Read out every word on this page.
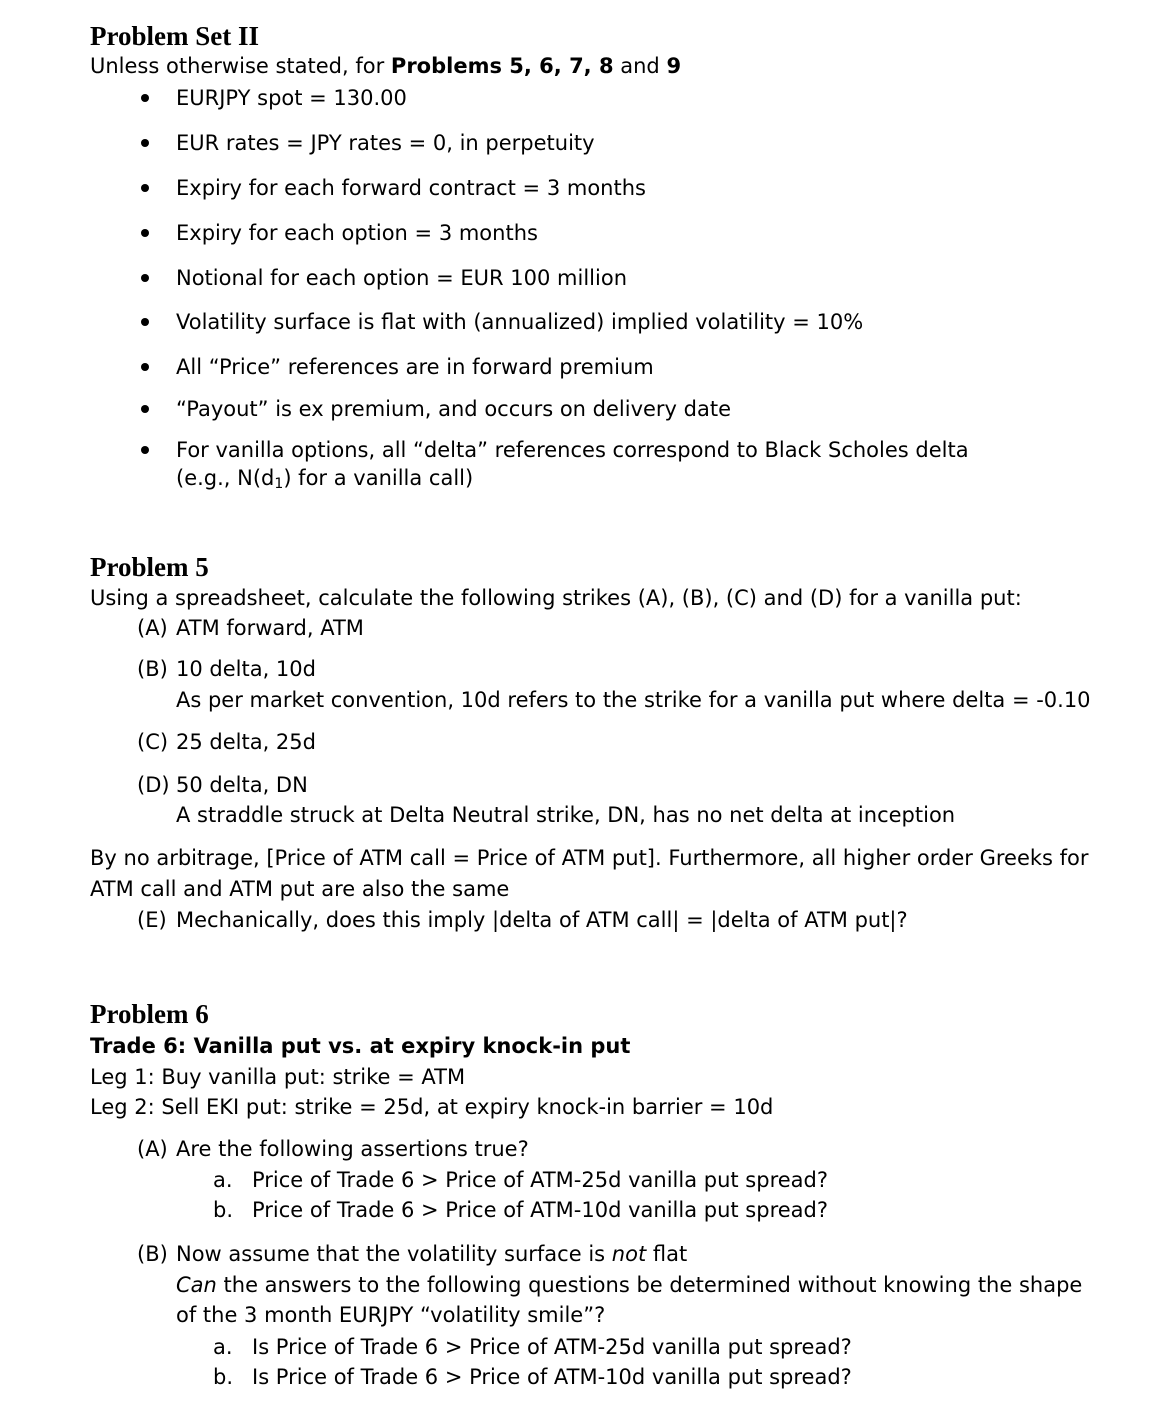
Problem Set II
Unless otherwise stated, for Problems 5, 6, 7, 8 and 9
EURJPY spot = 130.00
EUR rates = JPY rates = 0, in perpetuity
Expiry for each forward contract = 3 months
Expiry for each option = 3 months
Notional for each option = EUR 100 million
Volatility surface is flat with (annualized) implied volatility = 10%
All “Price” references are in forward premium
“Payout” is ex premium, and occurs on delivery date
For vanilla options, all “delta” references correspond to Black Scholes delta
(e.g., $N(d_1)$ for a vanilla call)
Problem 5
Using a spreadsheet, calculate the following strikes (A), (B), (C) and (D) for a vanilla put:
(A) ATM forward, ATM
(B) 10 delta, 10d
As per market convention, 10d refers to the strike for a vanilla put where delta = -0.10
(C) 25 delta, 25d
(D) 50 delta, DN
A straddle struck at Delta Neutral strike, DN, has no net delta at inception
By no arbitrage, [Price of ATM call = Price of ATM put]. Furthermore, all higher order Greeks for
ATM call and ATM put are also the same
(E) Mechanically, does this imply |delta of ATM call| = |delta of ATM put|?
Problem 6
Trade 6: Vanilla put vs. at expiry knock-in put
Leg 1: Buy vanilla put: strike = ATM
Leg 2: Sell EKI put: strike = 25d, at expiry knock-in barrier = 10d
(A) Are the following assertions true?
a. Price of Trade 6 > Price of ATM-25d vanilla put spread?
b. Price of Trade 6 > Price of ATM-10d vanilla put spread?
(B) Now assume that the volatility surface is not flat
Can the answers to the following questions be determined without knowing the shape
of the 3 month EURJPY “volatility smile”?
a. Is Price of Trade 6 > Price of ATM-25d vanilla put spread?
b. Is Price of Trade 6 > Price of ATM-10d vanilla put spread?
